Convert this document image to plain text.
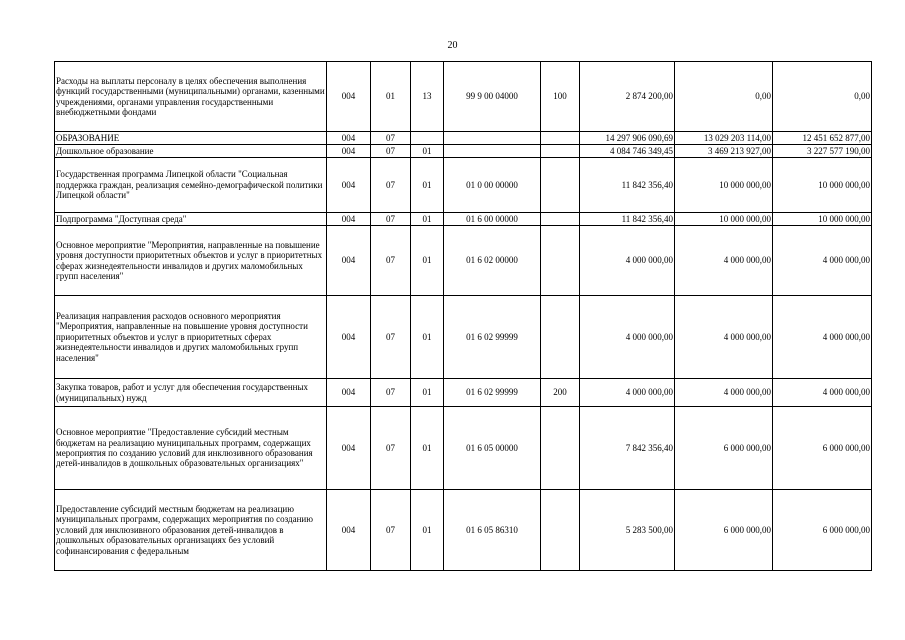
20
Расходы на выплаты персоналу в целях обеспечения выполнения функций государственными (муниципальными) органами, казенными учреждениями, органами управления государственными внебюджетными фондами	004	01	13	99 9 00 04000	100	2 874 200,00	0,00	0,00
ОБРАЗОВАНИЕ	004	07				14 297 906 090,69	13 029 203 114,00	12 451 652 877,00
Дошкольное образование	004	07	01			4 084 746 349,45	3 469 213 927,00	3 227 577 190,00
Государственная программа Липецкой области "Социальная поддержка граждан, реализация семейно-демографической политики Липецкой области"	004	07	01	01 0 00 00000		11 842 356,40	10 000 000,00	10 000 000,00
Подпрограмма "Доступная среда"	004	07	01	01 6 00 00000		11 842 356,40	10 000 000,00	10 000 000,00
Основное мероприятие "Мероприятия, направленные на повышение уровня доступности приоритетных объектов и услуг в приоритетных сферах жизнедеятельности инвалидов и других маломобильных групп населения"	004	07	01	01 6 02 00000		4 000 000,00	4 000 000,00	4 000 000,00
Реализация направления расходов основного мероприятия "Мероприятия, направленные на повышение уровня доступности приоритетных объектов и услуг в приоритетных сферах жизнедеятельности инвалидов и других маломобильных групп населения"	004	07	01	01 6 02 99999		4 000 000,00	4 000 000,00	4 000 000,00
Закупка товаров, работ и услуг для обеспечения государственных (муниципальных) нужд	004	07	01	01 6 02 99999	200	4 000 000,00	4 000 000,00	4 000 000,00
Основное мероприятие "Предоставление субсидий местным бюджетам на реализацию муниципальных программ, содержащих мероприятия по созданию условий для инклюзивного образования детей-инвалидов в дошкольных образовательных организациях"	004	07	01	01 6 05 00000		7 842 356,40	6 000 000,00	6 000 000,00
Предоставление субсидий местным бюджетам на реализацию муниципальных программ, содержащих мероприятия по созданию условий для инклюзивного образования детей-инвалидов в дошкольных образовательных организациях без условий софинансирования с федеральным	004	07	01	01 6 05 86310		5 283 500,00	6 000 000,00	6 000 000,00
